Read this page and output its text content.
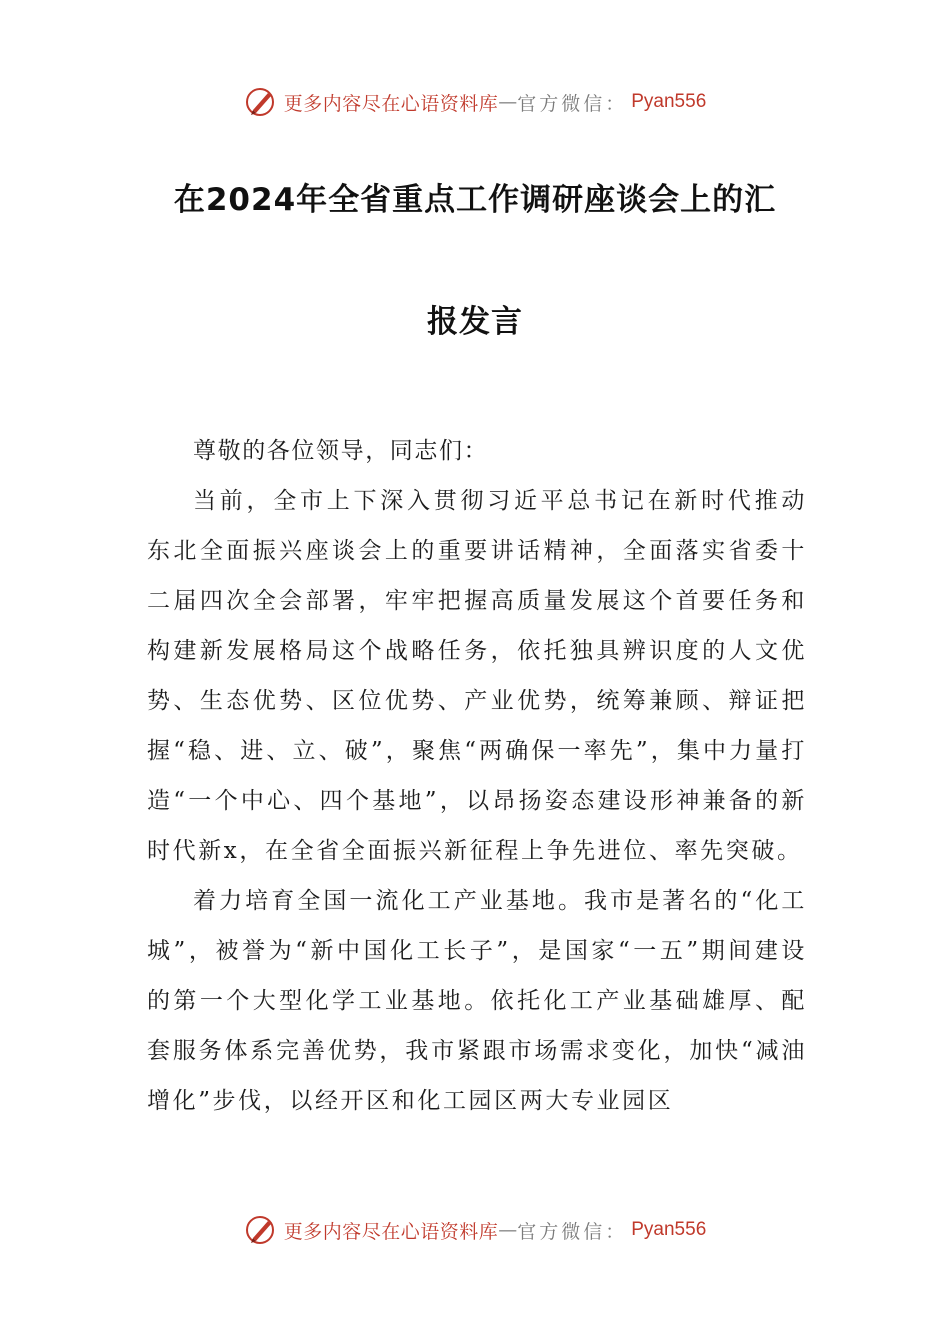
更多内容尽在心语资料库 — 官方微信： Pyan556
在2024年全省重点工作调研座谈会上的汇
报发言

尊敬的各位领导，同志们：

当前，全市上下深入贯彻习近平总书记在新时代推动东北全面振兴座谈会上的重要讲话精神，全面落实省委十二届四次全会部署，牢牢把握高质量发展这个首要任务和构建新发展格局这个战略任务，依托独具辨识度的人文优势、生态优势、区位优势、产业优势，统筹兼顾、辩证把握“稳、进、立、破”，聚焦“两确保一率先”，集中力量打造“一个中心、四个基地”，以昂扬姿态建设形神兼备的新时代新x，在全省全面振兴新征程上争先进位、率先突破。

着力培育全国一流化工产业基地。我市是著名的“化工城”，被誉为“新中国化工长子”，是国家“一五”期间建设的第一个大型化学工业基地。依托化工产业基础雄厚、配套服务体系完善优势，我市紧跟市场需求变化，加快“减油增化”步伐，以经开区和化工园区两大专业园区

更多内容尽在心语资料库 — 官方微信： Pyan556
